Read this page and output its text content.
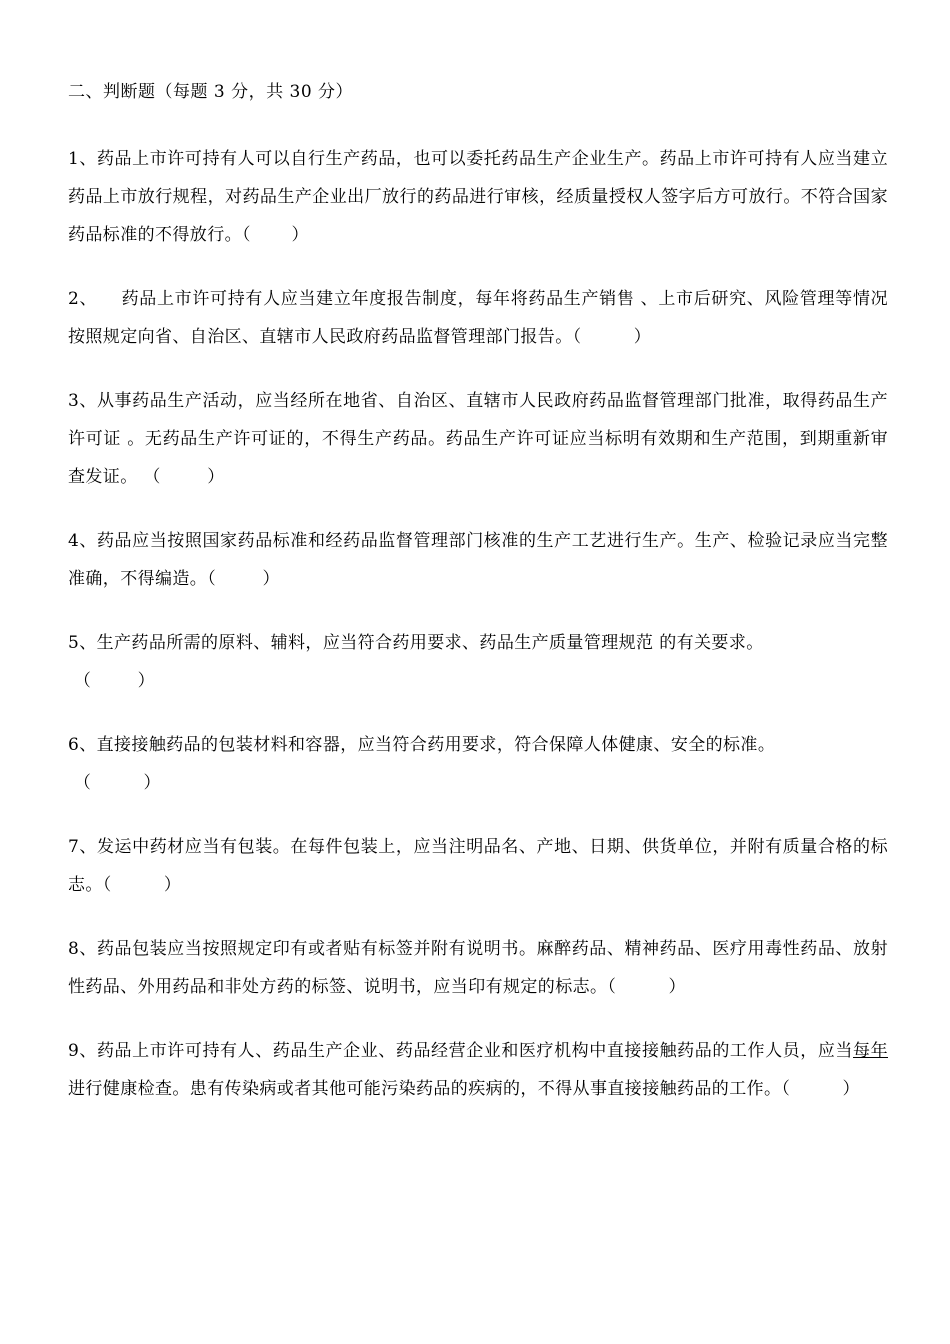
二、判断题（每题 3 分，共 30 分）
1、药品上市许可持有人可以自行生产药品，也可以委托药品生产企业生产。药品上市许可持有人应当建立药品上市放行规程，对药品生产企业出厂放行的药品进行审核，经质量授权人签字后方可放行。不符合国家药品标准的不得放行。（       ）
2、    药品上市许可持有人应当建立年度报告制度，每年将药品生产销售 、上市后研究、风险管理等情况按照规定向省、自治区、直辖市人民政府药品监督管理部门报告。（         ）
3、从事药品生产活动，应当经所在地省、自治区、直辖市人民政府药品监督管理部门批准，取得药品生产许可证 。无药品生产许可证的，不得生产药品。药品生产许可证应当标明有效期和生产范围，到期重新审查发证。 （        ）
4、药品应当按照国家药品标准和经药品监督管理部门核准的生产工艺进行生产。生产、检验记录应当完整准确，不得编造。（        ）
5、生产药品所需的原料、辅料，应当符合药用要求、药品生产质量管理规范 的有关要求。
（        ）
6、直接接触药品的包装材料和容器，应当符合药用要求，符合保障人体健康、安全的标准。
（         ）
7、发运中药材应当有包装。在每件包装上，应当注明品名、产地、日期、供货单位，并附有质量合格的标志。（         ）
8、药品包装应当按照规定印有或者贴有标签并附有说明书。麻醉药品、精神药品、医疗用毒性药品、放射性药品、外用药品和非处方药的标签、说明书，应当印有规定的标志。（         ）
9、药品上市许可持有人、药品生产企业、药品经营企业和医疗机构中直接接触药品的工作人员，应当每年进行健康检查。患有传染病或者其他可能污染药品的疾病的，不得从事直接接触药品的工作。（         ）
